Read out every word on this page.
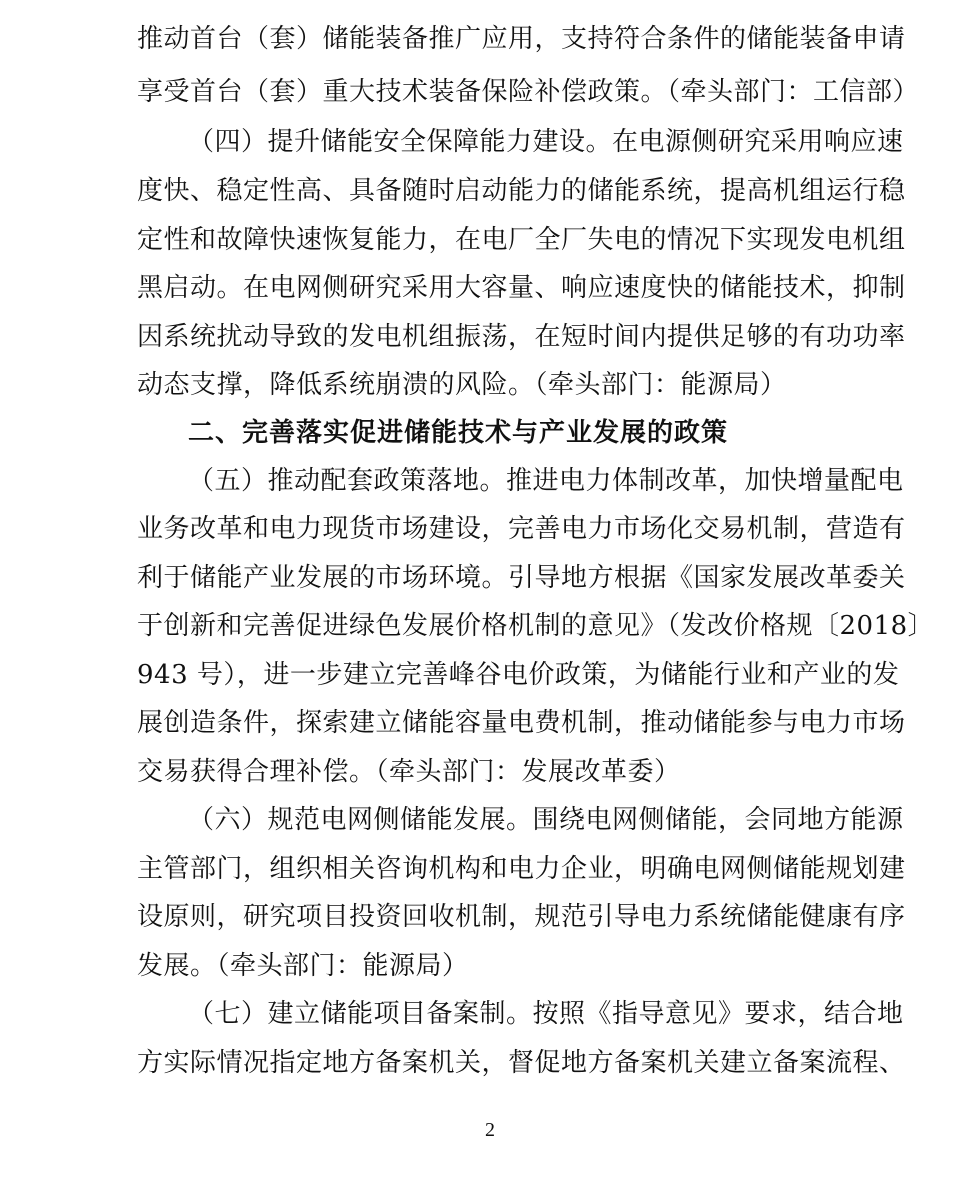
推动首台（套）储能装备推广应用，支持符合条件的储能装备申请
享受首台（套）重大技术装备保险补偿政策。（牵头部门：工信部）
（四）提升储能安全保障能力建设。在电源侧研究采用响应速
度快、稳定性高、具备随时启动能力的储能系统，提高机组运行稳
定性和故障快速恢复能力，在电厂全厂失电的情况下实现发电机组
黑启动。在电网侧研究采用大容量、响应速度快的储能技术，抑制
因系统扰动导致的发电机组振荡，在短时间内提供足够的有功功率
动态支撑，降低系统崩溃的风险。（牵头部门：能源局）
二、完善落实促进储能技术与产业发展的政策
（五）推动配套政策落地。推进电力体制改革，加快增量配电
业务改革和电力现货市场建设，完善电力市场化交易机制，营造有
利于储能产业发展的市场环境。引导地方根据《国家发展改革委关
于创新和完善促进绿色发展价格机制的意见》（发改价格规〔2018〕
943 号），进一步建立完善峰谷电价政策，为储能行业和产业的发
展创造条件，探索建立储能容量电费机制，推动储能参与电力市场
交易获得合理补偿。（牵头部门：发展改革委）
（六）规范电网侧储能发展。围绕电网侧储能，会同地方能源
主管部门，组织相关咨询机构和电力企业，明确电网侧储能规划建
设原则，研究项目投资回收机制，规范引导电力系统储能健康有序
发展。（牵头部门：能源局）
（七）建立储能项目备案制。按照《指导意见》要求，结合地
方实际情况指定地方备案机关，督促地方备案机关建立备案流程、
2
